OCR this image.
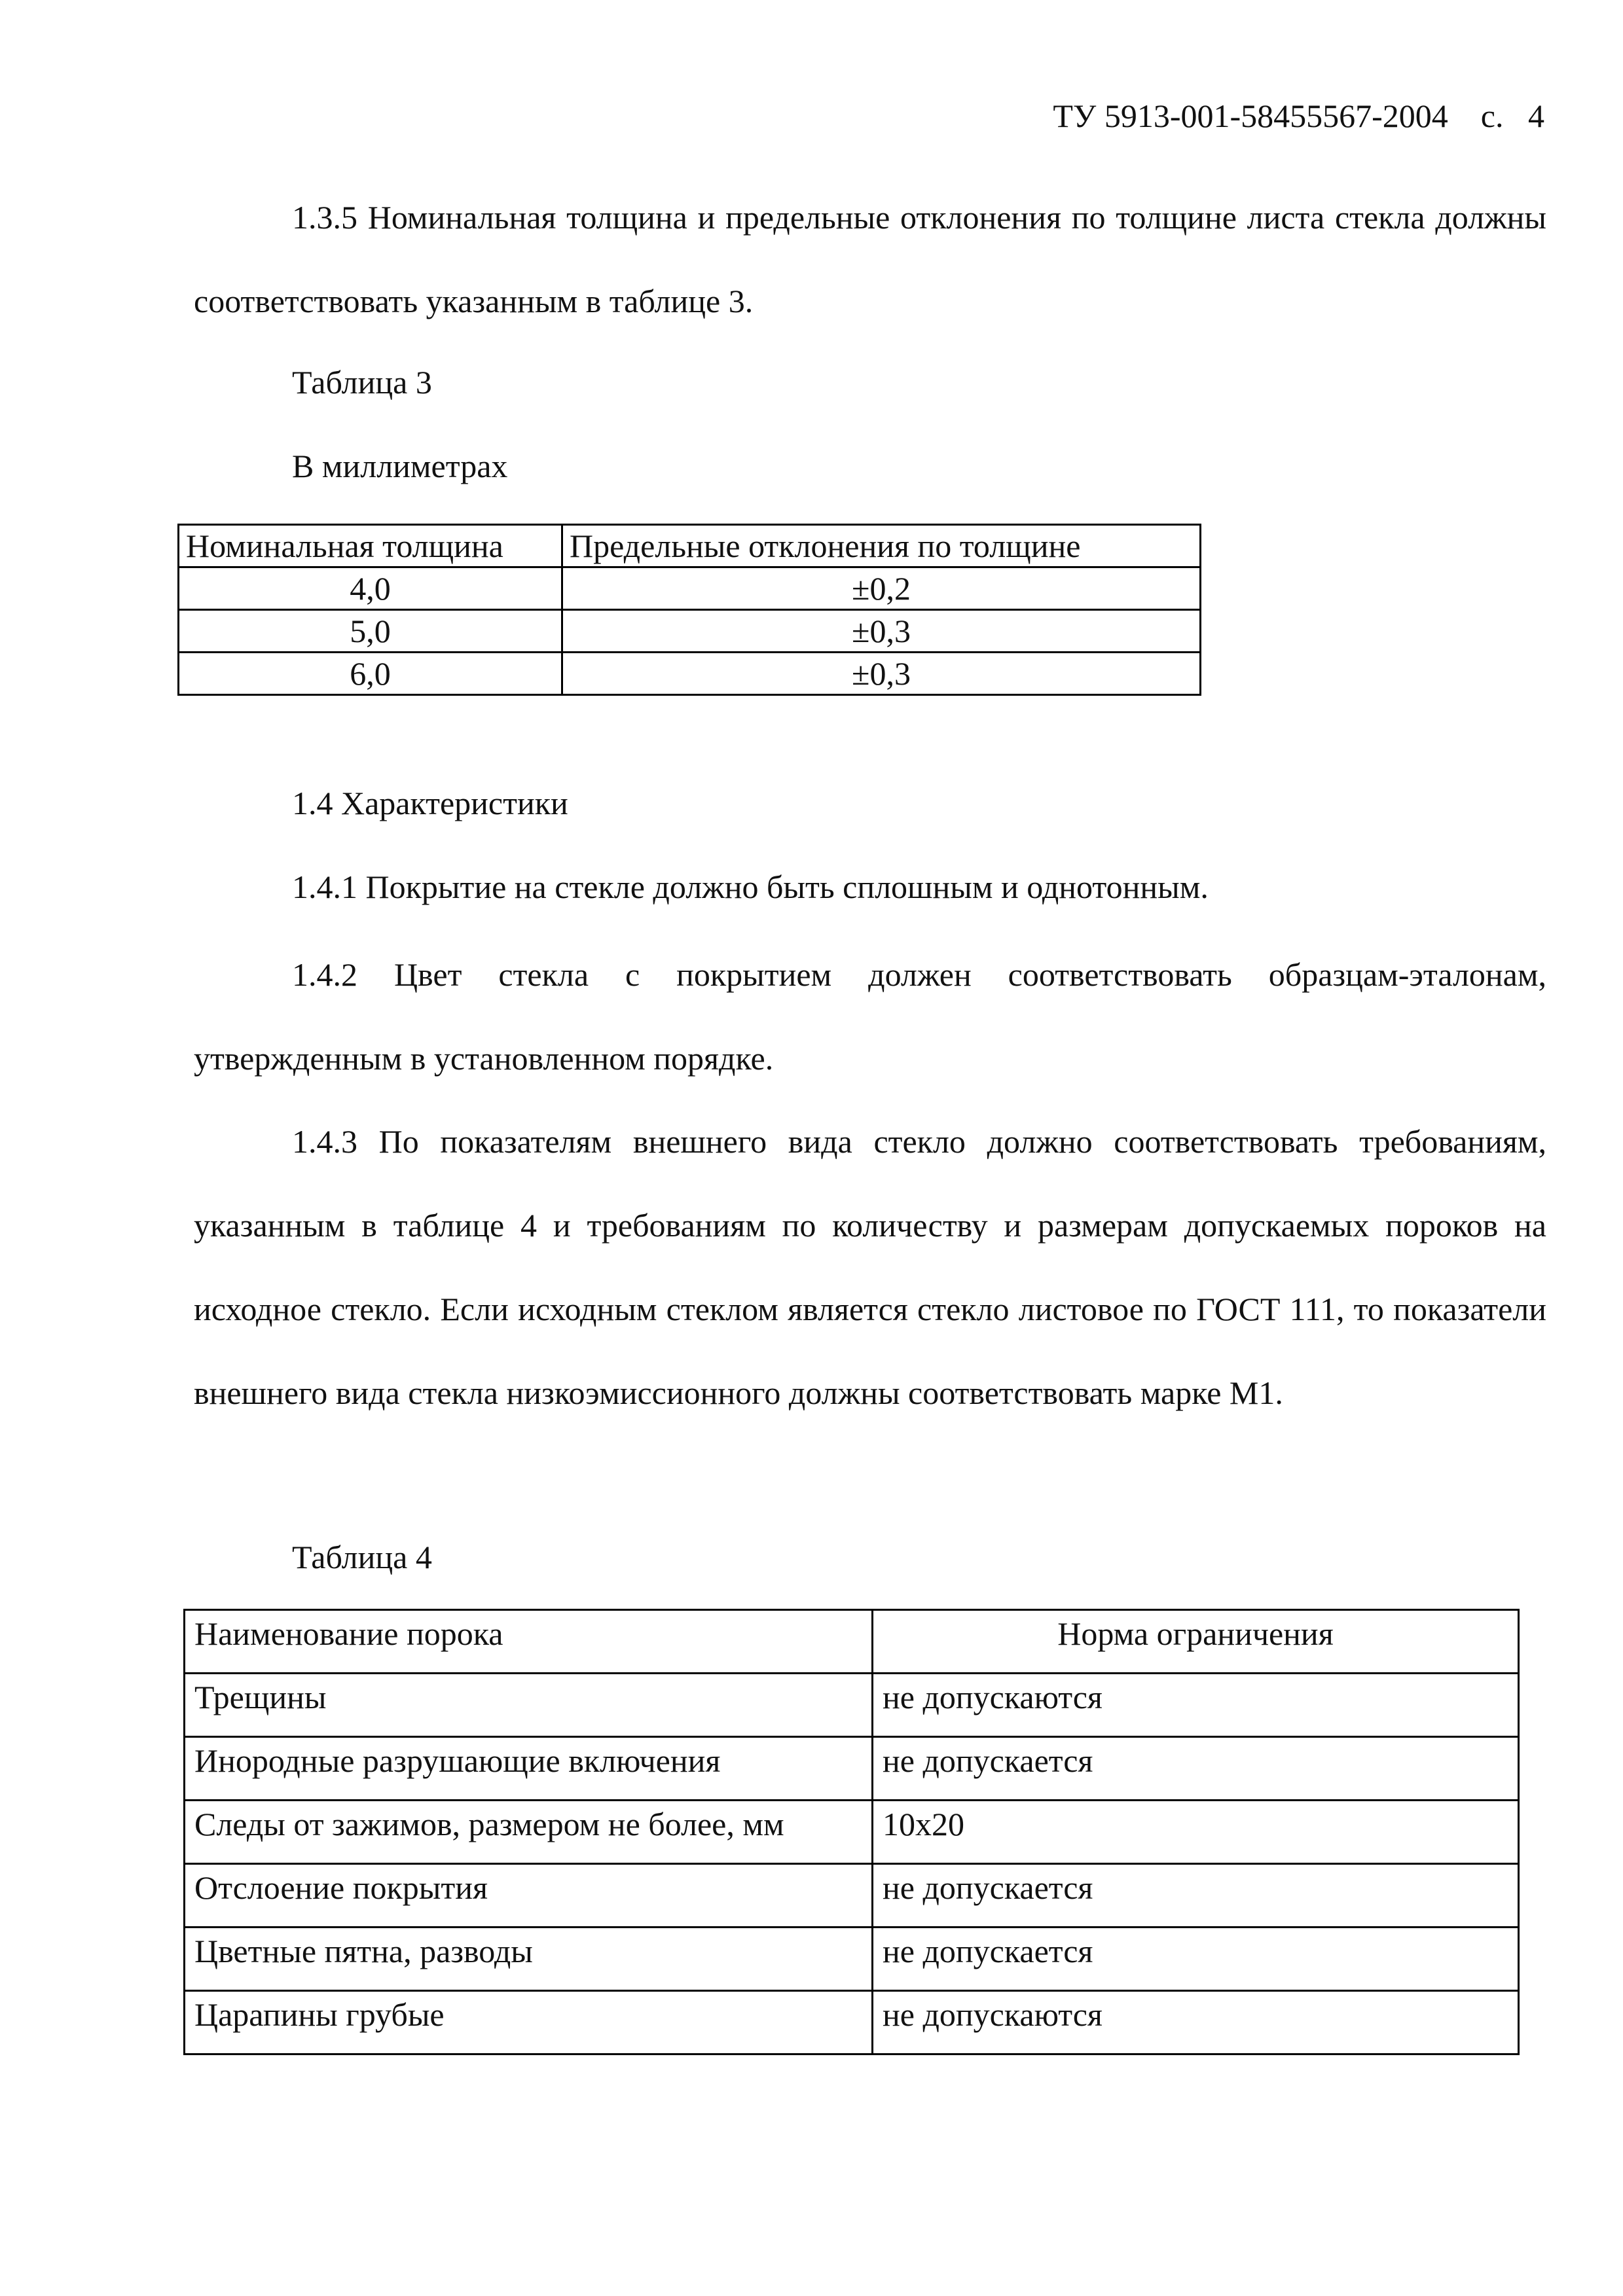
ТУ 5913-001-58455567-2004 с.   4

1.3.5 Номинальная толщина и предельные отклонения по толщине листа стекла должны соответствовать указанным в таблице 3.

Таблица 3

В миллиметрах

Номинальная толщина	Предельные отклонения по толщине
4,0	±0,2
5,0	±0,3
6,0	±0,3

1.4 Характеристики

1.4.1 Покрытие на стекле должно быть сплошным и однотонным.

1.4.2 Цвет стекла с покрытием должен соответствовать образцам-эталонам, утвержденным в установленном порядке.

1.4.3 По показателям внешнего вида стекло должно соответствовать требованиям, указанным в таблице 4 и требованиям по количеству и размерам допускаемых пороков на исходное стекло. Если исходным стеклом является стекло листовое по ГОСТ 111, то показатели внешнего вида стекла низкоэмиссионного должны соответствовать марке М1.

Таблица 4

Наименование порока	Норма ограничения
Трещины	не допускаются
Инородные разрушающие включения	не допускается
Следы от зажимов, размером не более, мм	10х20
Отслоение покрытия	не допускается
Цветные пятна, разводы	не допускается
Царапины грубые	не допускаются
